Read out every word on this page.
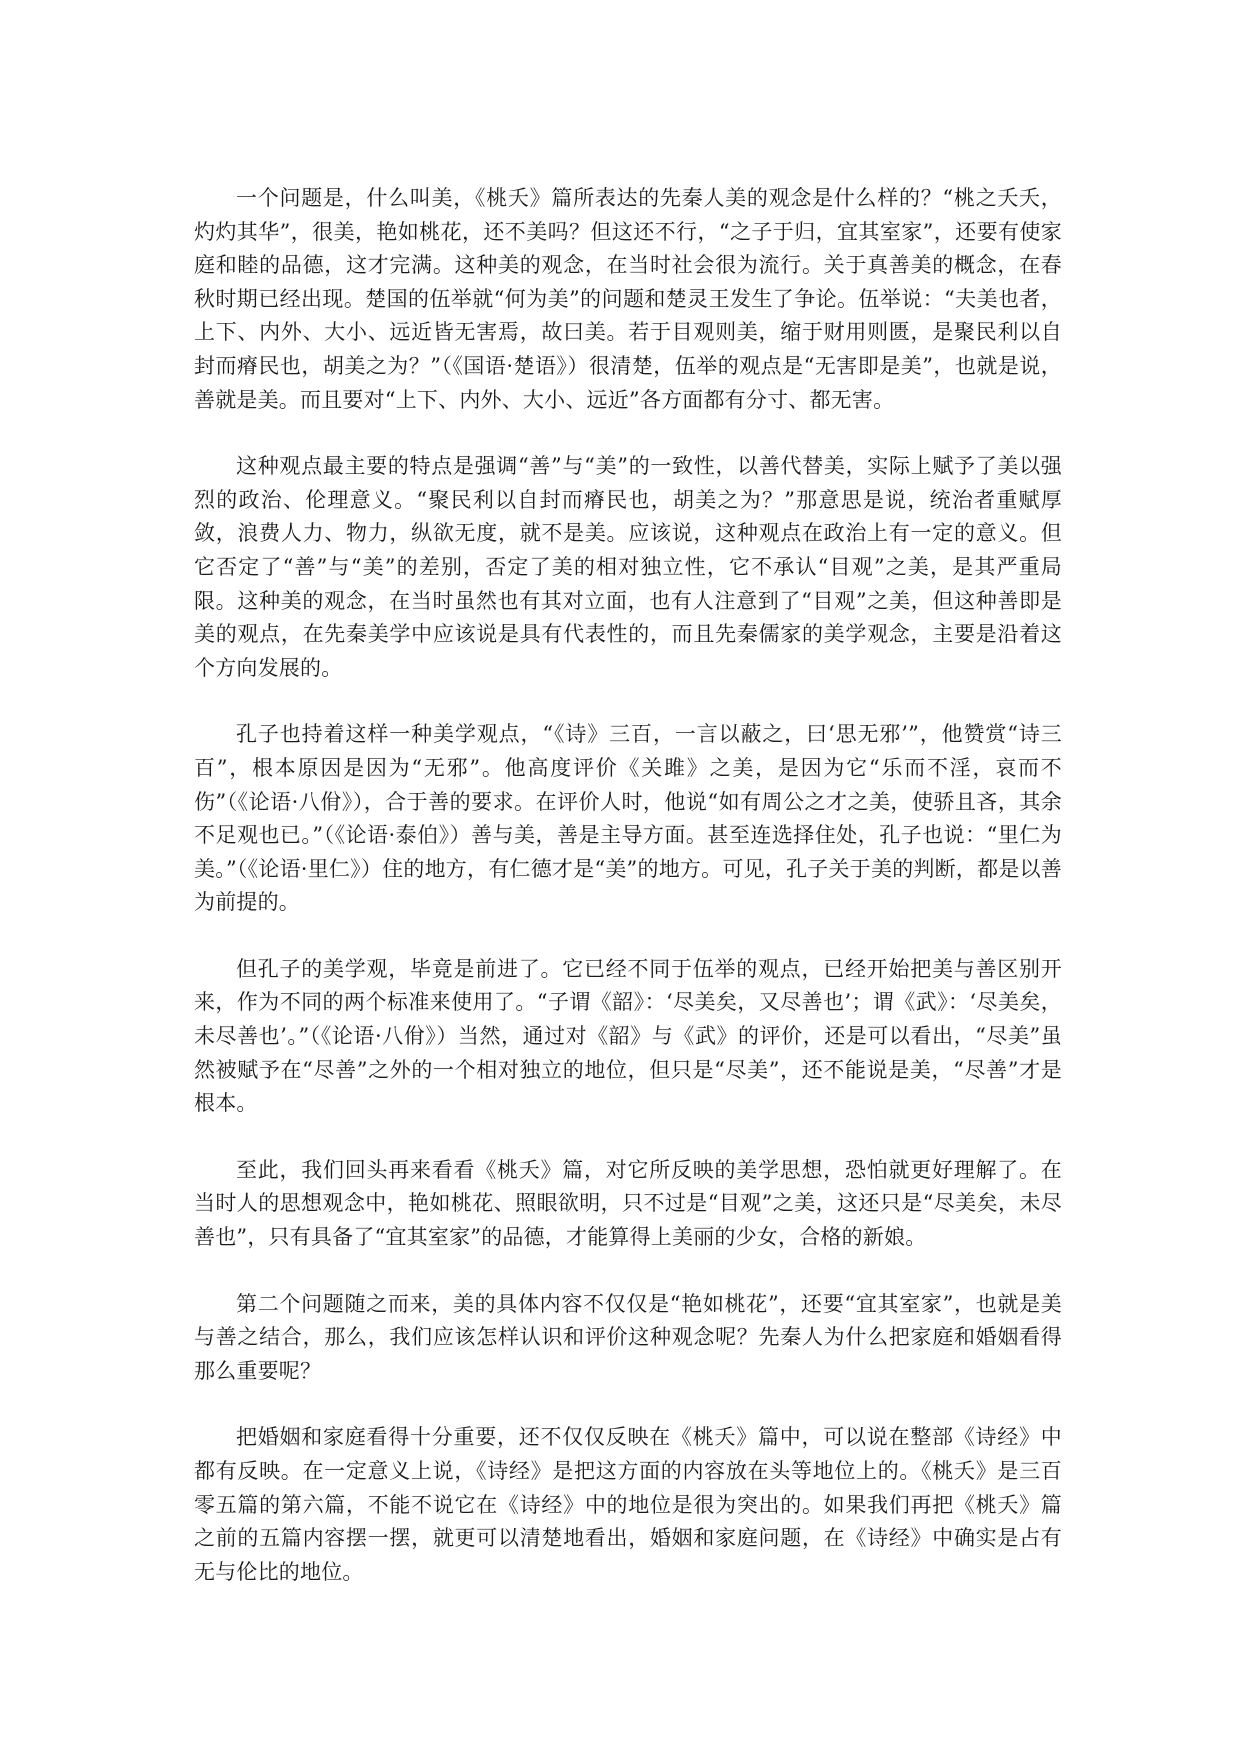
一个问题是，什么叫美，《桃夭》篇所表达的先秦人美的观念是什么样的？“桃之夭夭，灼灼其华”，很美，艳如桃花，还不美吗？但这还不行，“之子于归，宜其室家”，还要有使家庭和睦的品德，这才完满。这种美的观念，在当时社会很为流行。关于真善美的概念，在春秋时期已经出现。楚国的伍举就“何为美”的问题和楚灵王发生了争论。伍举说：“夫美也者，上下、内外、大小、远近皆无害焉，故曰美。若于目观则美，缩于财用则匮，是聚民利以自封而瘠民也，胡美之为？”（《国语·楚语》）很清楚，伍举的观点是“无害即是美”，也就是说，善就是美。而且要对“上下、内外、大小、远近”各方面都有分寸、都无害。

这种观点最主要的特点是强调“善”与“美”的一致性，以善代替美，实际上赋予了美以强烈的政治、伦理意义。“聚民利以自封而瘠民也，胡美之为？”那意思是说，统治者重赋厚敛，浪费人力、物力，纵欲无度，就不是美。应该说，这种观点在政治上有一定的意义。但它否定了“善”与“美”的差别，否定了美的相对独立性，它不承认“目观”之美，是其严重局限。这种美的观念，在当时虽然也有其对立面，也有人注意到了“目观”之美，但这种善即是美的观点，在先秦美学中应该说是具有代表性的，而且先秦儒家的美学观念，主要是沿着这个方向发展的。

孔子也持着这样一种美学观点，“《诗》三百，一言以蔽之，曰‘思无邪’”，他赞赏“诗三百”，根本原因是因为“无邪”。他高度评价《关雎》之美，是因为它“乐而不淫，哀而不伤”（《论语·八佾》），合于善的要求。在评价人时，他说“如有周公之才之美，使骄且吝，其余不足观也已。”（《论语·泰伯》）善与美，善是主导方面。甚至连选择住处，孔子也说：“里仁为美。”（《论语·里仁》）住的地方，有仁德才是“美”的地方。可见，孔子关于美的判断，都是以善为前提的。

但孔子的美学观，毕竟是前进了。它已经不同于伍举的观点，已经开始把美与善区别开来，作为不同的两个标准来使用了。“子谓《韶》：‘尽美矣，又尽善也’；谓《武》：‘尽美矣，未尽善也’。”（《论语·八佾》）当然，通过对《韶》与《武》的评价，还是可以看出，“尽美”虽然被赋予在“尽善”之外的一个相对独立的地位，但只是“尽美”，还不能说是美，“尽善”才是根本。

至此，我们回头再来看看《桃夭》篇，对它所反映的美学思想，恐怕就更好理解了。在当时人的思想观念中，艳如桃花、照眼欲明，只不过是“目观”之美，这还只是“尽美矣，未尽善也”，只有具备了“宜其室家”的品德，才能算得上美丽的少女，合格的新娘。

第二个问题随之而来，美的具体内容不仅仅是“艳如桃花”，还要“宜其室家”，也就是美与善之结合，那么，我们应该怎样认识和评价这种观念呢？先秦人为什么把家庭和婚姻看得那么重要呢？

把婚姻和家庭看得十分重要，还不仅仅反映在《桃夭》篇中，可以说在整部《诗经》中都有反映。在一定意义上说，《诗经》是把这方面的内容放在头等地位上的。《桃夭》是三百零五篇的第六篇，不能不说它在《诗经》中的地位是很为突出的。如果我们再把《桃夭》篇之前的五篇内容摆一摆，就更可以清楚地看出，婚姻和家庭问题，在《诗经》中确实是占有无与伦比的地位。
